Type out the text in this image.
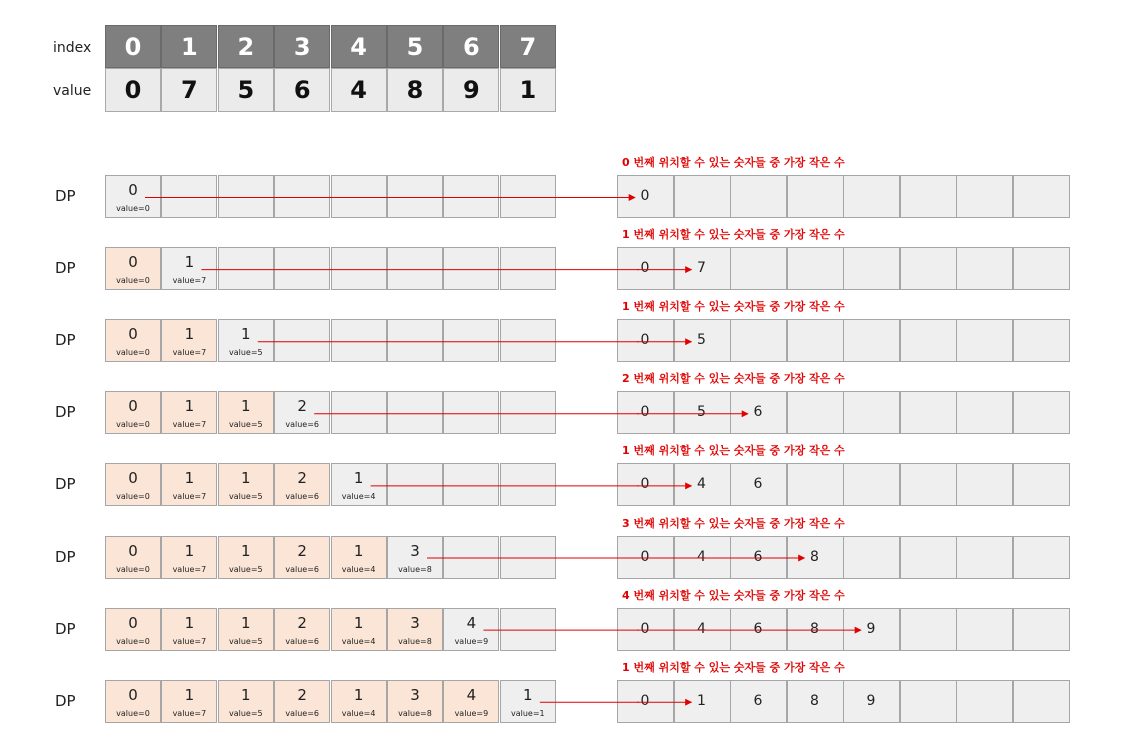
index
value
0	1	2	3	4	5	6	7
0	7	5	6	4	8	9	1
DP
0 번째 위치할 수 있는 숫자들 중 가장 작은 수
0
value=0
0
DP
1 번째 위치할 수 있는 숫자들 중 가장 작은 수
0
value=0
1
value=7
0	7
DP
1 번째 위치할 수 있는 숫자들 중 가장 작은 수
0
value=0
1
value=7
1
value=5
0	5
DP
2 번째 위치할 수 있는 숫자들 중 가장 작은 수
0
value=0
1
value=7
1
value=5
2
value=6
0	5	6
DP
1 번째 위치할 수 있는 숫자들 중 가장 작은 수
0
value=0
1
value=7
1
value=5
2
value=6
1
value=4
0	4	6
DP
3 번째 위치할 수 있는 숫자들 중 가장 작은 수
0
value=0
1
value=7
1
value=5
2
value=6
1
value=4
3
value=8
0	4	6	8
DP
4 번째 위치할 수 있는 숫자들 중 가장 작은 수
0
value=0
1
value=7
1
value=5
2
value=6
1
value=4
3
value=8
4
value=9
0	4	6	8	9
DP
1 번째 위치할 수 있는 숫자들 중 가장 작은 수
0
value=0
1
value=7
1
value=5
2
value=6
1
value=4
3
value=8
4
value=9
1
value=1
0	1	6	8	9
